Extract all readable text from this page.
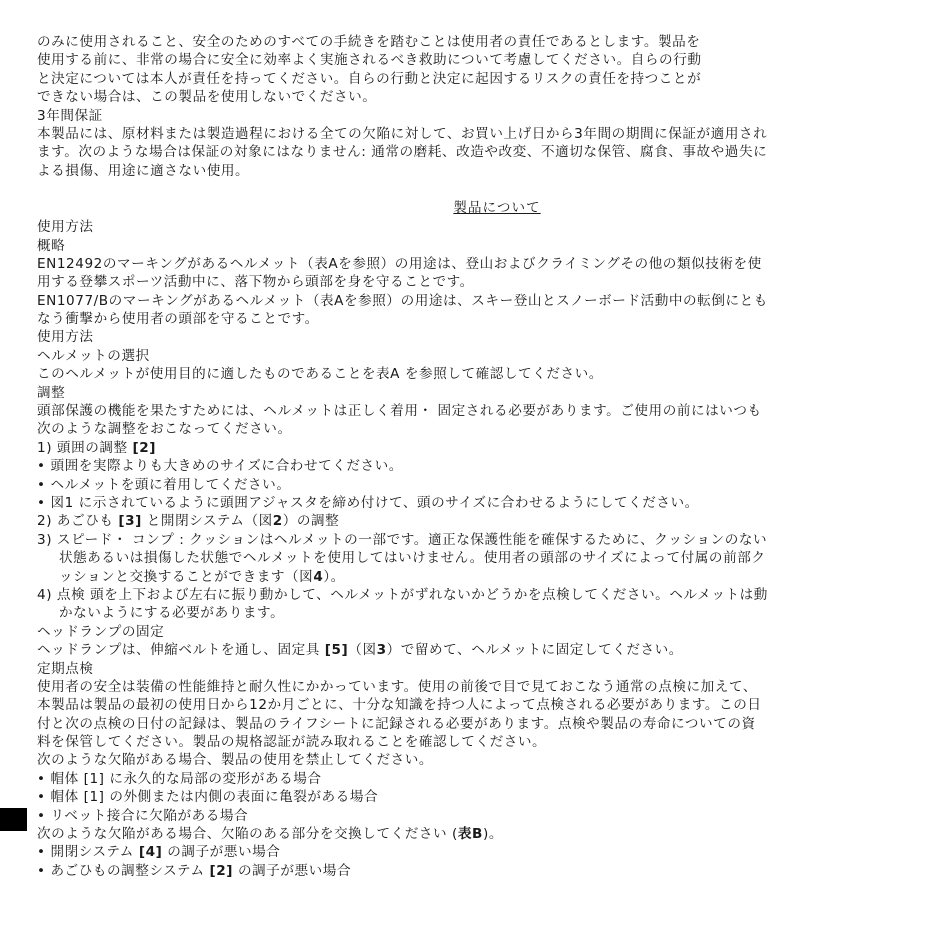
のみに使用されること、安全のためのすべての手続きを踏むことは使用者の責任であるとします。製品を
使用する前に、非常の場合に安全に効率よく実施されるべき救助について考慮してください。自らの行動
と決定については本人が責任を持ってください。自らの行動と決定に起因するリスクの責任を持つことが
できない場合は、この製品を使用しないでください。
3年間保証
本製品には、原材料または製造過程における全ての欠陥に対して、お買い上げ日から3年間の期間に保証が適用され
ます。次のような場合は保証の対象にはなりません: 通常の磨耗、改造や改変、不適切な保管、腐食、事故や過失に
よる損傷、用途に適さない使用。
製品について
使用方法
概略
EN12492のマーキングがあるヘルメット（表Aを参照）の用途は、登山およびクライミングその他の類似技術を使
用する登攀スポーツ活動中に、落下物から頭部を身を守ることです。
EN1077/Bのマーキングがあるヘルメット（表Aを参照）の用途は、スキー登山とスノーボード活動中の転倒にとも
なう衝撃から使用者の頭部を守ることです。
使用方法
ヘルメットの選択
このヘルメットが使用目的に適したものであることを表A を参照して確認してください。
調整
頭部保護の機能を果たすためには、ヘルメットは正しく着用・ 固定される必要があります。ご使用の前にはいつも
次のような調整をおこなってください。
1) 頭囲の調整 [2]
• 頭囲を実際よりも大きめのサイズに合わせてください。
• ヘルメットを頭に着用してください。
• 図1 に示されているように頭囲アジャスタを締め付けて、頭のサイズに合わせるようにしてください。
2) あごひも [3] と開閉システム（図2）の調整
3) スピード・ コンプ : クッションはヘルメットの一部です。適正な保護性能を確保するために、クッションのない
状態あるいは損傷した状態でヘルメットを使用してはいけません。使用者の頭部のサイズによって付属の前部ク
ッションと交換することができます（図4）。
4) 点検 頭を上下および左右に振り動かして、ヘルメットがずれないかどうかを点検してください。ヘルメットは動
かないようにする必要があります。
ヘッドランプの固定
ヘッドランプは、伸縮ベルトを通し、固定具 [5]（図3）で留めて、ヘルメットに固定してください。
定期点検
使用者の安全は装備の性能維持と耐久性にかかっています。使用の前後で目で見ておこなう通常の点検に加えて、
本製品は製品の最初の使用日から12か月ごとに、十分な知識を持つ人によって点検される必要があります。この日
付と次の点検の日付の記録は、製品のライフシートに記録される必要があります。点検や製品の寿命についての資
料を保管してください。製品の規格認証が読み取れることを確認してください。
次のような欠陥がある場合、製品の使用を禁止してください。
• 帽体 [1] に永久的な局部の変形がある場合
• 帽体 [1] の外側または内側の表面に亀裂がある場合
• リベット接合に欠陥がある場合
次のような欠陥がある場合、欠陥のある部分を交換してください (表B)。
• 開閉システム [4] の調子が悪い場合
• あごひもの調整システム [2] の調子が悪い場合
